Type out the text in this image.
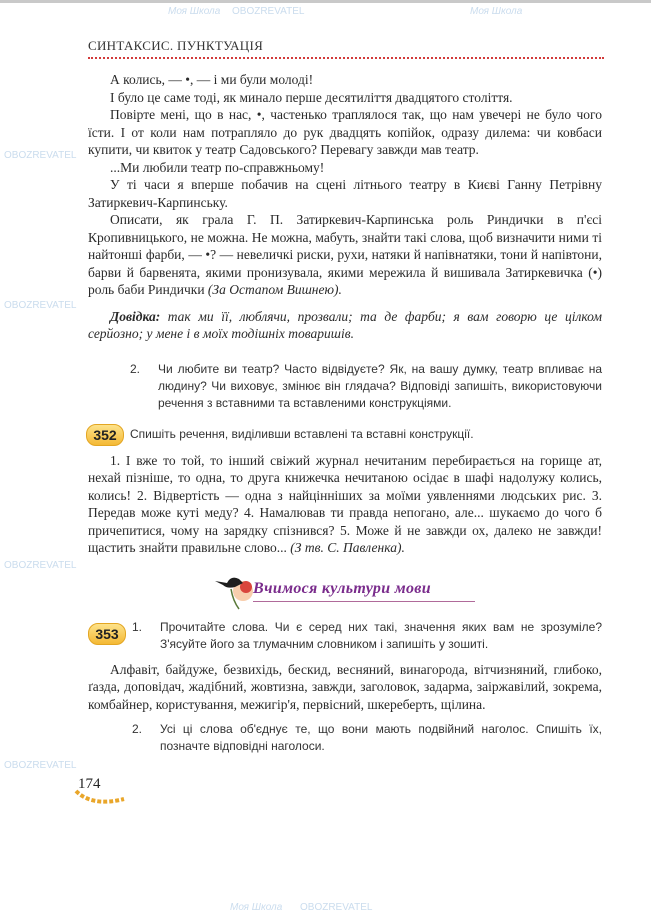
Моя Школа OBOZREVATEL	Моя Школа
OBOZREVATEL
OBOZREVATEL
OBOZREVATEL
OBOZREVATEL
Моя Школа OBOZREVATEL
СИНТАКСИС. ПУНКТУАЦІЯ

А колись, — •, — і ми були молоді!

І було це саме тоді, як минало перше десятиліття двадцятого століття.

Повірте мені, що в нас, •, частенько траплялося так, що нам увечері не було чого їсти. І от коли нам потрапляло до рук двадцять копійок, одразу дилема: чи ковбаси купити, чи квиток у театр Садовського? Перевагу завжди мав театр.

...Ми любили театр по-справжньому!

У ті часи я вперше побачив на сцені літнього театру в Києві Ганну Петрівну Затиркевич-Карпинську.

Описати, як грала Г. П. Затиркевич-Карпинська роль Риндички в п'єсі Кропивницького, не можна. Не можна, мабуть, знайти такі слова, щоб визначити ними ті найтонші фарби, — •? — невеличкі риски, рухи, натяки й напівнатяки, тони й напівтони, барви й барвенята, якими пронизувала, якими мережила й вишивала Затиркевичка (•) роль баби Риндички (За Остапом Вишнею).

Довідка: так ми її, люблячи, прозвали; та де фарби; я вам говорю це цілком серйозно; у мене і в моїх тодішніх товаришів.

2.	Чи любите ви театр? Часто відвідуєте? Як, на вашу думку, театр впливає на людину? Чи виховує, змінює він глядача? Відповіді запишіть, використовуючи речення з вставними та вставленими конструкціями.
352	Спишіть речення, виділивши вставлені та вставні конструкції.

1. І вже то той, то інший свіжий журнал нечитаним перебирається на горище ат, нехай пізніше, то одна, то друга книжечка нечитаною осідає в шафі надолужу колись, колись! 2. Відвертість — одна з найцінніших за моїми уявленнями людських рис. 3. Передав може куті меду? 4. Намалював ти правда непогано, але... шукаємо до чого б причепитися, чому на зарядку спізнився? 5. Може й не завжди ох, далеко не завжди! щастить знайти правильне слово... (З тв. С. Павленка).

Вчимося культури мови
353	1.	Прочитайте слова. Чи є серед них такі, значення яких вам не зрозуміле? З'ясуйте його за тлумачним словником і запишіть у зошиті.

Алфавіт, байдуже, безвихідь, бескид, весняний, винагорода, вітчизняний, глибоко, ґазда, доповідач, жадібний, жовтизна, завжди, заголовок, задарма, заіржавілий, зокрема, комбайнер, користування, межигір'я, первісний, шкереберть, щілина.

2.	Усі ці слова об'єднує те, що вони мають подвійний наголос. Спишіть їх, позначте відповідні наголоси.
174
